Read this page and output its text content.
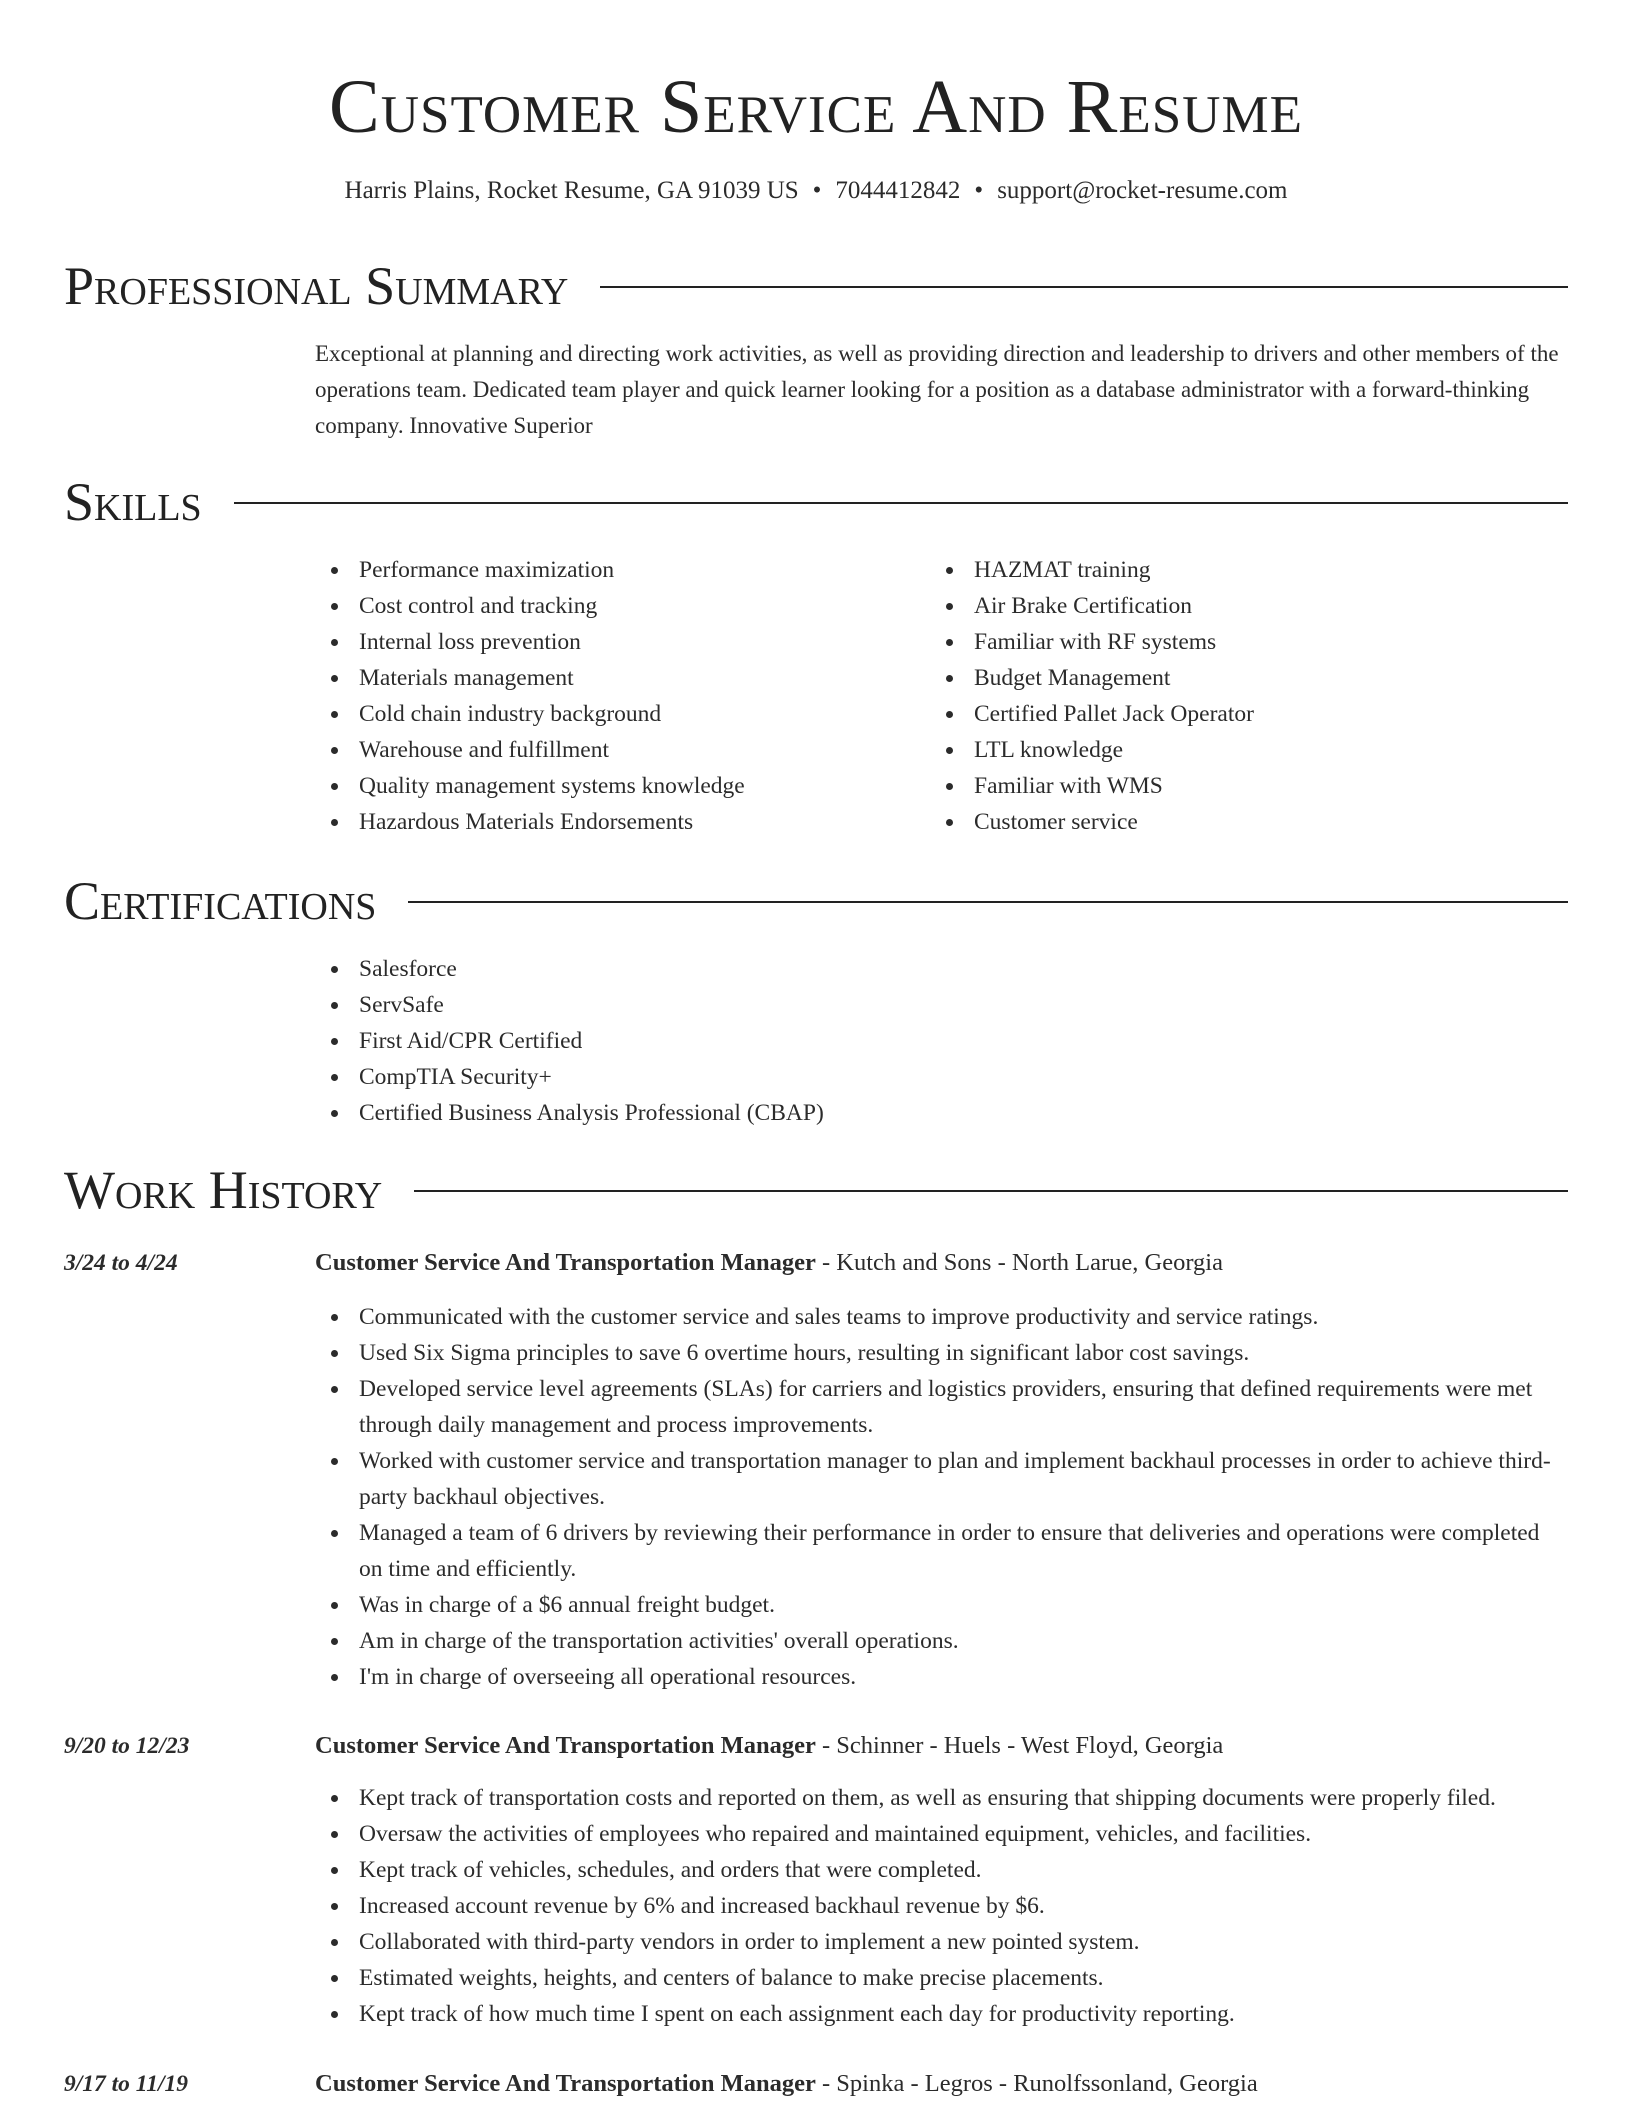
Customer Service And Resume
Harris Plains, Rocket Resume, GA 91039 US • 7044412842 • support@rocket-resume.com
Professional Summary
Exceptional at planning and directing work activities, as well as providing direction and leadership to drivers and other members of the operations team. Dedicated team player and quick learner looking for a position as a database administrator with a forward-thinking company. Innovative Superior
Skills
Performance maximization
Cost control and tracking
Internal loss prevention
Materials management
Cold chain industry background
Warehouse and fulfillment
Quality management systems knowledge
Hazardous Materials Endorsements
HAZMAT training
Air Brake Certification
Familiar with RF systems
Budget Management
Certified Pallet Jack Operator
LTL knowledge
Familiar with WMS
Customer service
Certifications
Salesforce
ServSafe
First Aid/CPR Certified
CompTIA Security+
Certified Business Analysis Professional (CBAP)
Work History
3/24 to 4/24	Customer Service And Transportation Manager - Kutch and Sons - North Larue, Georgia
Communicated with the customer service and sales teams to improve productivity and service ratings.
Used Six Sigma principles to save 6 overtime hours, resulting in significant labor cost savings.
Developed service level agreements (SLAs) for carriers and logistics providers, ensuring that defined requirements were met through daily management and process improvements.
Worked with customer service and transportation manager to plan and implement backhaul processes in order to achieve third-party backhaul objectives.
Managed a team of 6 drivers by reviewing their performance in order to ensure that deliveries and operations were completed on time and efficiently.
Was in charge of a $6 annual freight budget.
Am in charge of the transportation activities' overall operations.
I'm in charge of overseeing all operational resources.
9/20 to 12/23	Customer Service And Transportation Manager - Schinner - Huels - West Floyd, Georgia
Kept track of transportation costs and reported on them, as well as ensuring that shipping documents were properly filed.
Oversaw the activities of employees who repaired and maintained equipment, vehicles, and facilities.
Kept track of vehicles, schedules, and orders that were completed.
Increased account revenue by 6% and increased backhaul revenue by $6.
Collaborated with third-party vendors in order to implement a new pointed system.
Estimated weights, heights, and centers of balance to make precise placements.
Kept track of how much time I spent on each assignment each day for productivity reporting.
9/17 to 11/19	Customer Service And Transportation Manager - Spinka - Legros - Runolfssonland, Georgia
